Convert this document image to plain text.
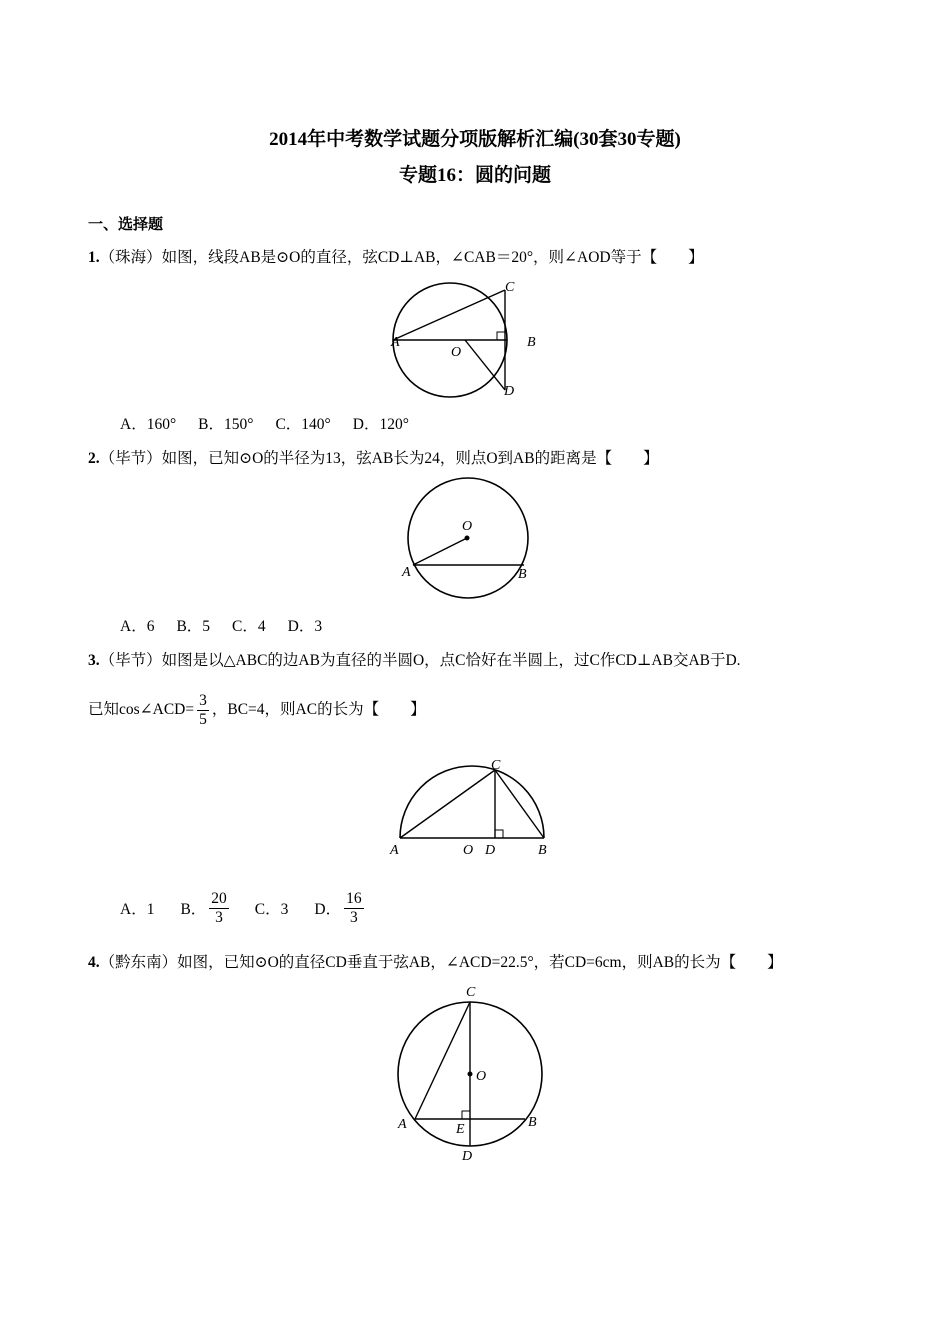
2014年中考数学试题分项版解析汇编(30套30专题)
专题16：圆的问题
一、选择题
1.（珠海）如图，线段AB是⊙O的直径，弦CD⊥AB，∠CAB＝20°，则∠AOD等于【　　】
A	B
C
D
O
A．160° B．150° C．140° D．120°
2.（毕节）如图，已知⊙O的半径为13，弦AB长为24，则点O到AB的距离是【　　】
A	B
O
A．6 B．5 C．4 D．3
3.（毕节）如图是以△ABC的边AB为直径的半圆O，点C恰好在半圆上，过C作CD⊥AB交AB于D.
已知cos∠ACD= $\frac{3}{5}$ ，BC=4，则AC的长为【　　】
A	B
C
D
O
A．1 B． $\frac{20}{3}$ C．3 D． $\frac{16}{3}$
4.（黔东南）如图，已知⊙O的直径CD垂直于弦AB，∠ACD=22.5°，若CD=6cm，则AB的长为【　　】
C
O
A	B
E
D
